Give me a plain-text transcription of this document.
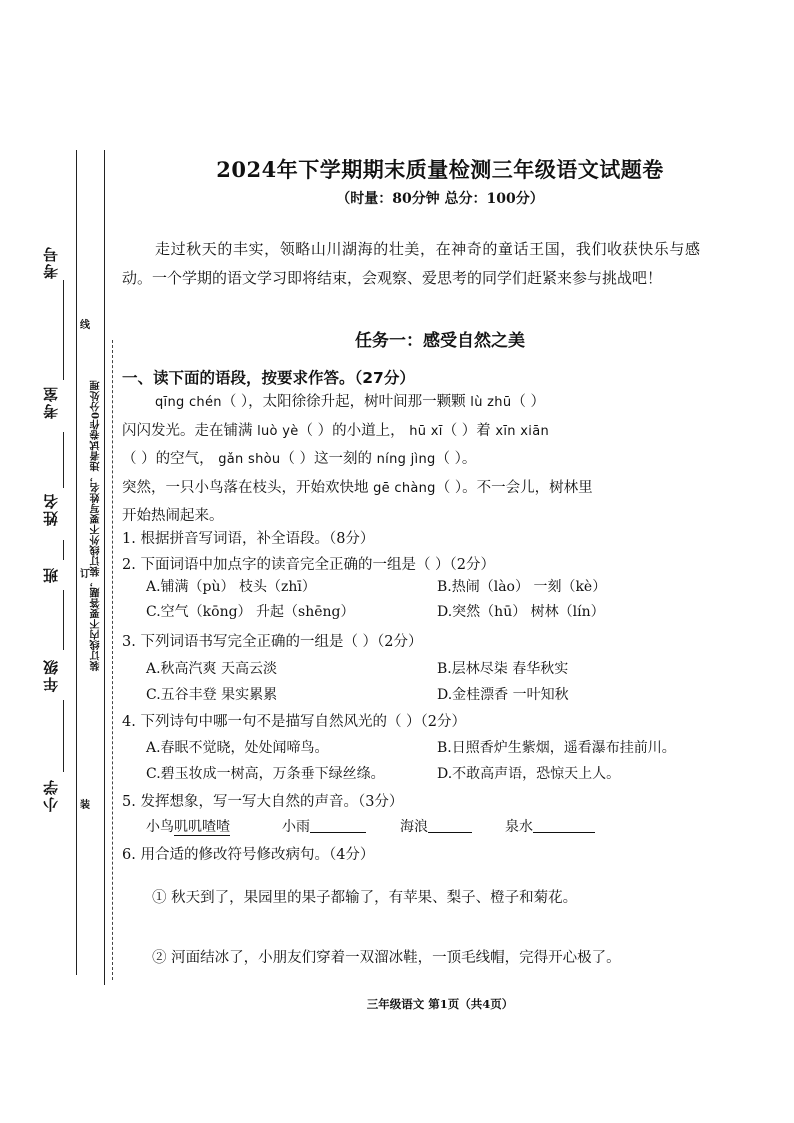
小学
年级
班
姓名
考室
考号
装订线内不要答题，装订线外不要写姓名，违者试卷作0分处理
装
订
线
2024年下学期期末质量检测三年级语文试题卷
（时量：80分钟 总分：100分）
走过秋天的丰实，领略山川湖海的壮美，在神奇的童话王国，我们收获快乐与感动。一个学期的语文学习即将结束，会观察、爱思考的同学们赶紧来参与挑战吧！
任务一：感受自然之美
一、读下面的语段，按要求作答。（27分）
qīng chén（ ），太阳徐徐升起，树叶间那一颗颗 lù zhū（ ）
闪闪发光。走在铺满 luò yè（ ）的小道上， hū xī（ ）着 xīn xiān
（ ）的空气， gǎn shòu（ ）这一刻的 níng jìng（ ）。
突然，一只小鸟落在枝头，开始欢快地 gē chàng（ ）。不一会儿，树林里
开始热闹起来。
1. 根据拼音写词语，补全语段。（8分）
2. 下面词语中加点字的读音完全正确的一组是（ ）（2分）
A.铺满（pù） 枝头（zhī）	B.热闹（lào） 一刻（kè）
C.空气（kōng） 升起（shēng）	D.突然（hū） 树林（lín）
3. 下列词语书写完全正确的一组是（ ）（2分）
A.秋高汽爽 天高云淡	B.层林尽柒 春华秋实
C.五谷丰登 果实累累	D.金桂漂香 一叶知秋
4. 下列诗句中哪一句不是描写自然风光的（ ）（2分）
A.春眠不觉晓，处处闻啼鸟。	B.日照香炉生紫烟，遥看瀑布挂前川。
C.碧玉妆成一树高，万条垂下绿丝绦。	D.不敢高声语，恐惊天上人。
5. 发挥想象，写一写大自然的声音。（3分）
小鸟叽叽喳喳	小雨	海浪	泉水
6. 用合适的修改符号修改病句。（4分）
① 秋天到了，果园里的果子都输了，有苹果、梨子、橙子和菊花。
② 河面结冰了，小朋友们穿着一双溜冰鞋，一顶毛线帽，完得开心极了。
三年级语文 第1页（共4页）
